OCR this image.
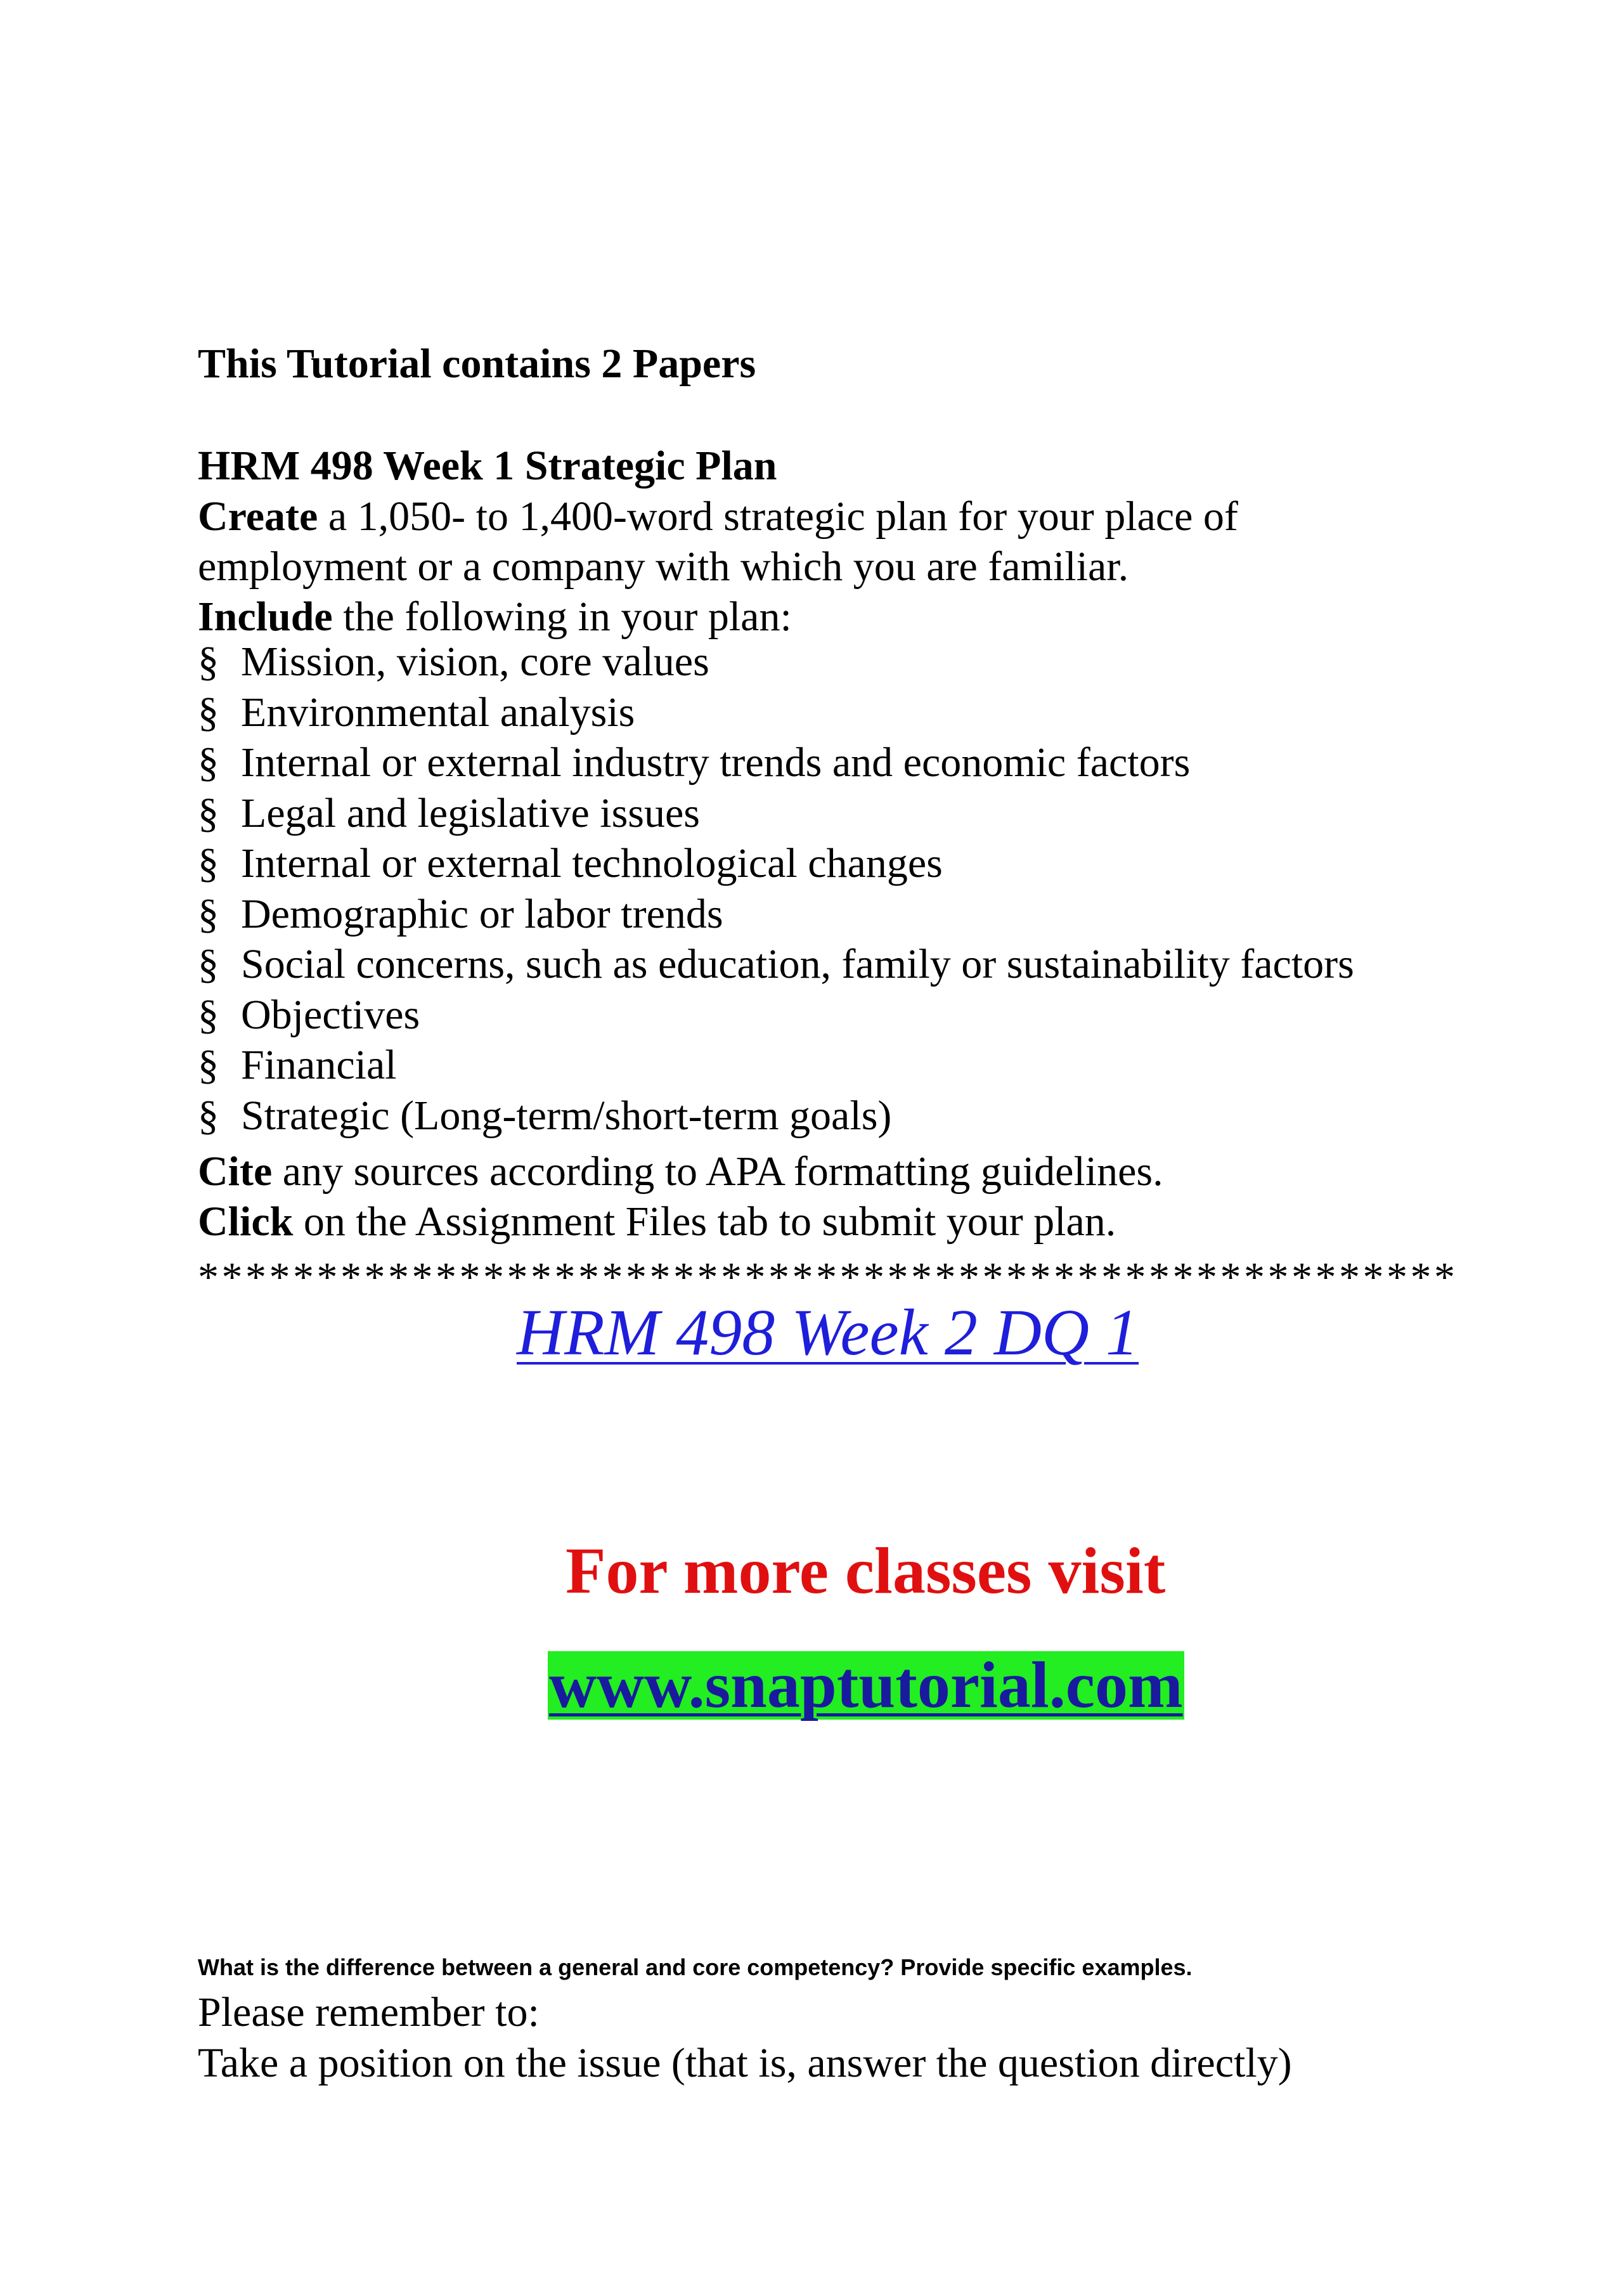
This Tutorial contains 2 Papers
HRM 498 Week 1 Strategic Plan
Create a 1,050- to 1,400-word strategic plan for your place of
employment or a company with which you are familiar.
Include the following in your plan:
§ Mission, vision, core values
§ Environmental analysis
§ Internal or external industry trends and economic factors
§ Legal and legislative issues
§ Internal or external technological changes
§ Demographic or labor trends
§ Social concerns, such as education, family or sustainability factors
§ Objectives
§ Financial
§ Strategic (Long-term/short-term goals)
Cite any sources according to APA formatting guidelines.
Click on the Assignment Files tab to submit your plan.
*****************************************************
HRM 498 Week 2 DQ 1
For more classes visit
www.snaptutorial.com
What is the difference between a general and core competency? Provide specific examples.
Please remember to:
Take a position on the issue (that is, answer the question directly)
